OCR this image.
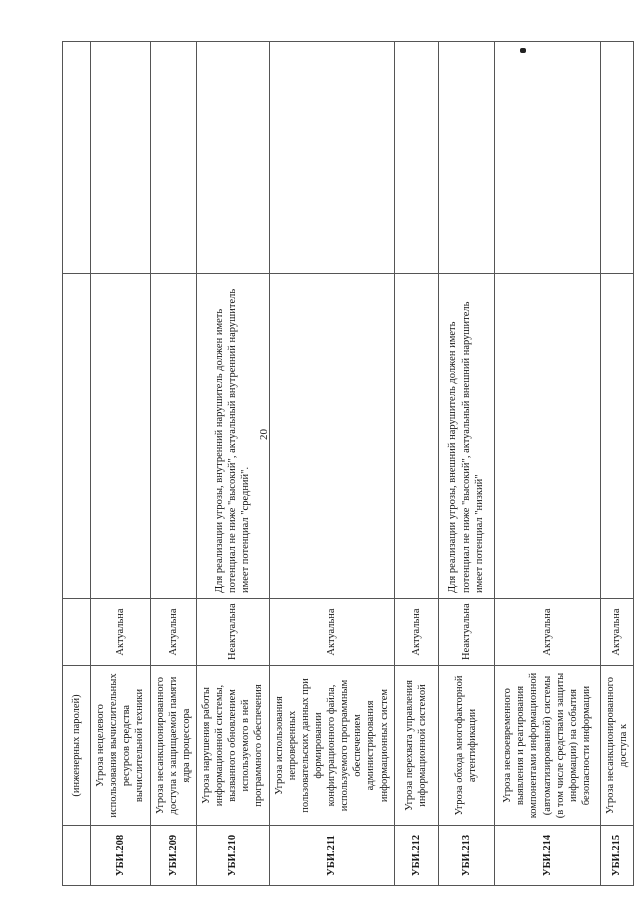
20
	(инженерных паролей)			
УБИ.208	Угроза нецелевого использования вычислительных ресурсов средства вычислительной техники	Актуальна		
УБИ.209	Угроза несанкционированного доступа к защищаемой памяти ядра процессора	Актуальна		
УБИ.210	Угроза нарушения работы информационной системы, вызванного обновлением используемого в ней программного обеспечения	Неактуальна	Для реализации угрозы, внутренний нарушитель должен иметь потенциал не ниже "высокий", актуальный внутренний нарушитель имеет потенциал "средний".	
УБИ.211	Угроза использования непроверенных пользовательских данных при формировании конфигурационного файла, используемого программным обеспечением администрирования информационных систем	Актуальна		
УБИ.212	Угроза перехвата управления информационной системой	Актуальна		
УБИ.213	Угроза обхода многофакторной аутентификации	Неактуальна	Для реализации угрозы, внешний нарушитель должен иметь потенциал не ниже "высокий", актуальный внешний нарушитель имеет потенциал "низкий"	
УБИ.214	Угроза несвоевременного выявления и реагирования компонентами информационной (автоматизированной) системы (в том числе средствами защиты информации) на события безопасности информации	Актуальна		
УБИ.215	Угроза несанкционированного доступа к	Актуальна		
